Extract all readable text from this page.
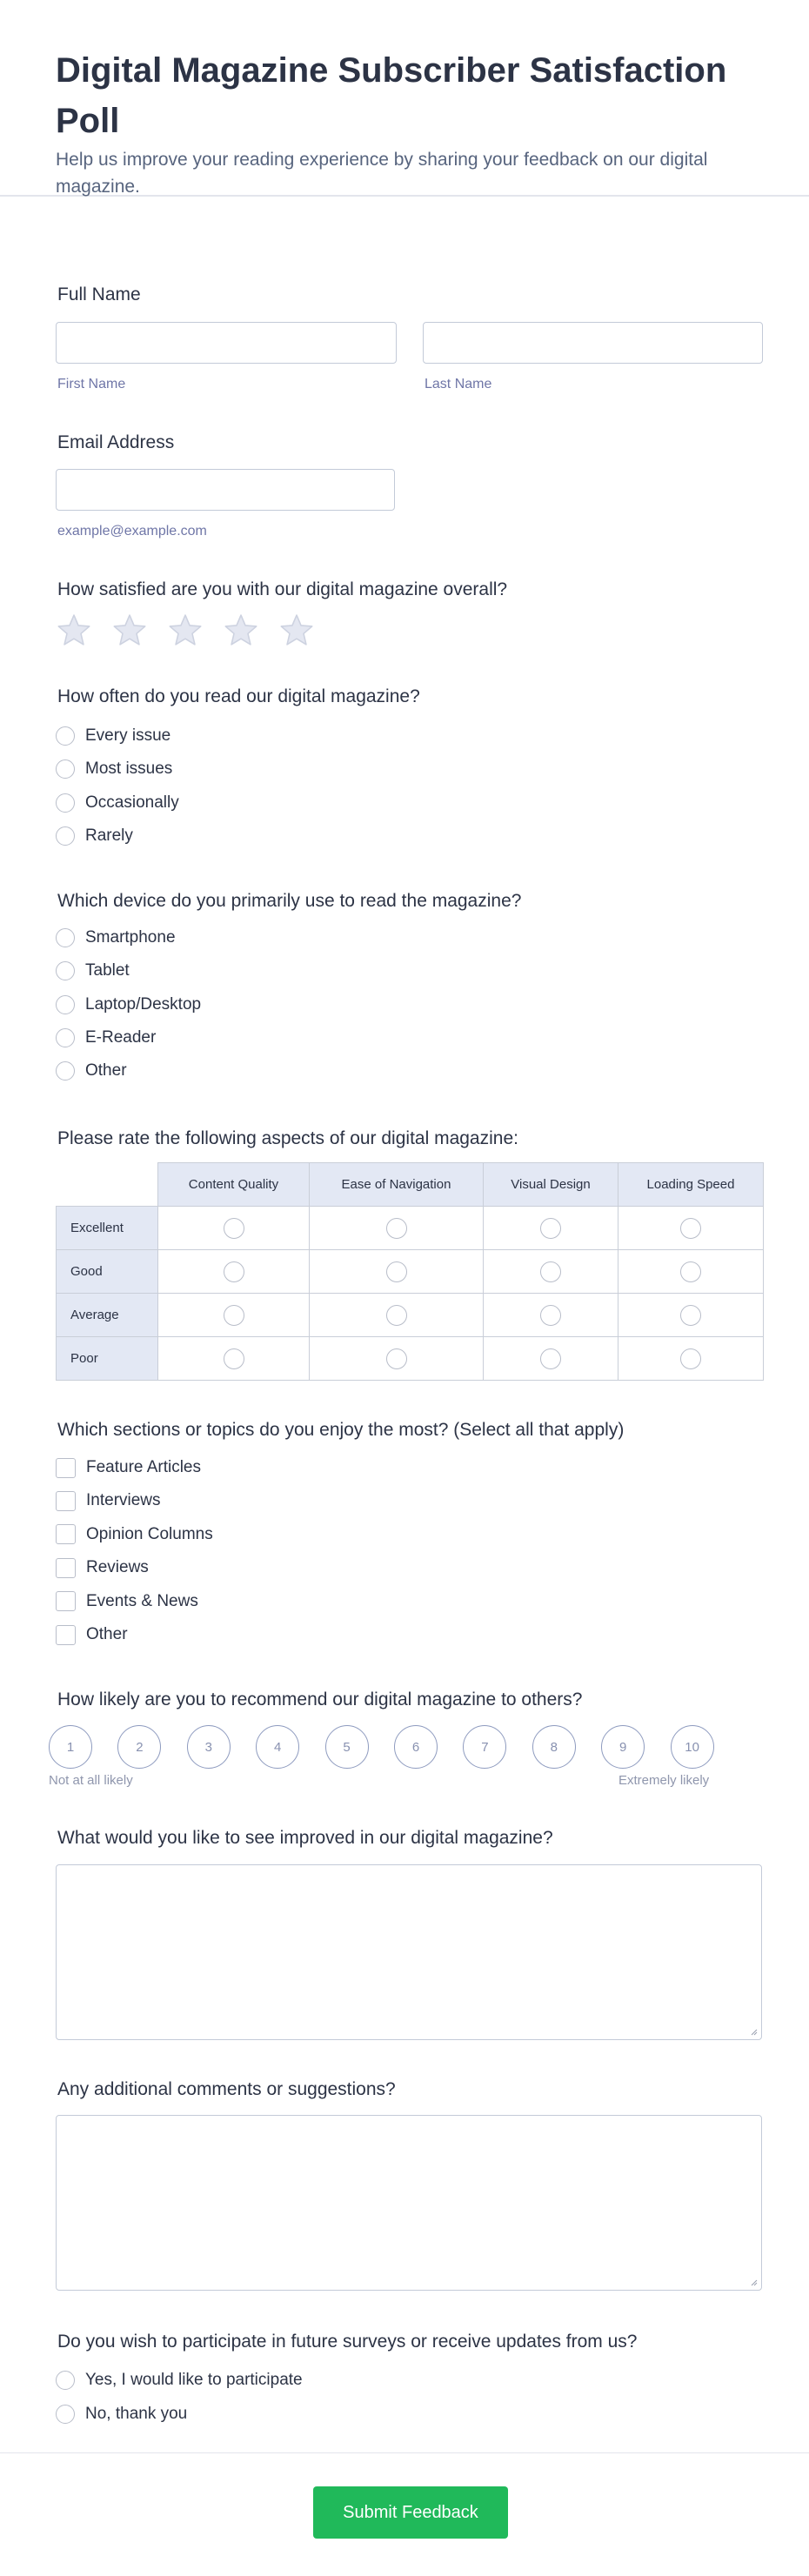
Digital Magazine Subscriber Satisfaction Poll
Help us improve your reading experience by sharing your feedback on our digital magazine.
Full Name
First Name	Last Name
Email Address
example@example.com
How satisfied are you with our digital magazine overall?
How often do you read our digital magazine?
Every issue
Most issues
Occasionally
Rarely
Which device do you primarily use to read the magazine?
Smartphone
Tablet
Laptop/Desktop
E-Reader
Other
Please rate the following aspects of our digital magazine:
	Content Quality	Ease of Navigation	Visual Design	Loading Speed
Excellent				
Good				
Average				
Poor				
Which sections or topics do you enjoy the most? (Select all that apply)
Feature Articles
Interviews
Opinion Columns
Reviews
Events & News
Other
How likely are you to recommend our digital magazine to others?
1	2	3	4	5	6	7	8	9	10
Not at all likely	Extremely likely
What would you like to see improved in our digital magazine?
Any additional comments or suggestions?
Do you wish to participate in future surveys or receive updates from us?
Yes, I would like to participate
No, thank you
Submit Feedback
